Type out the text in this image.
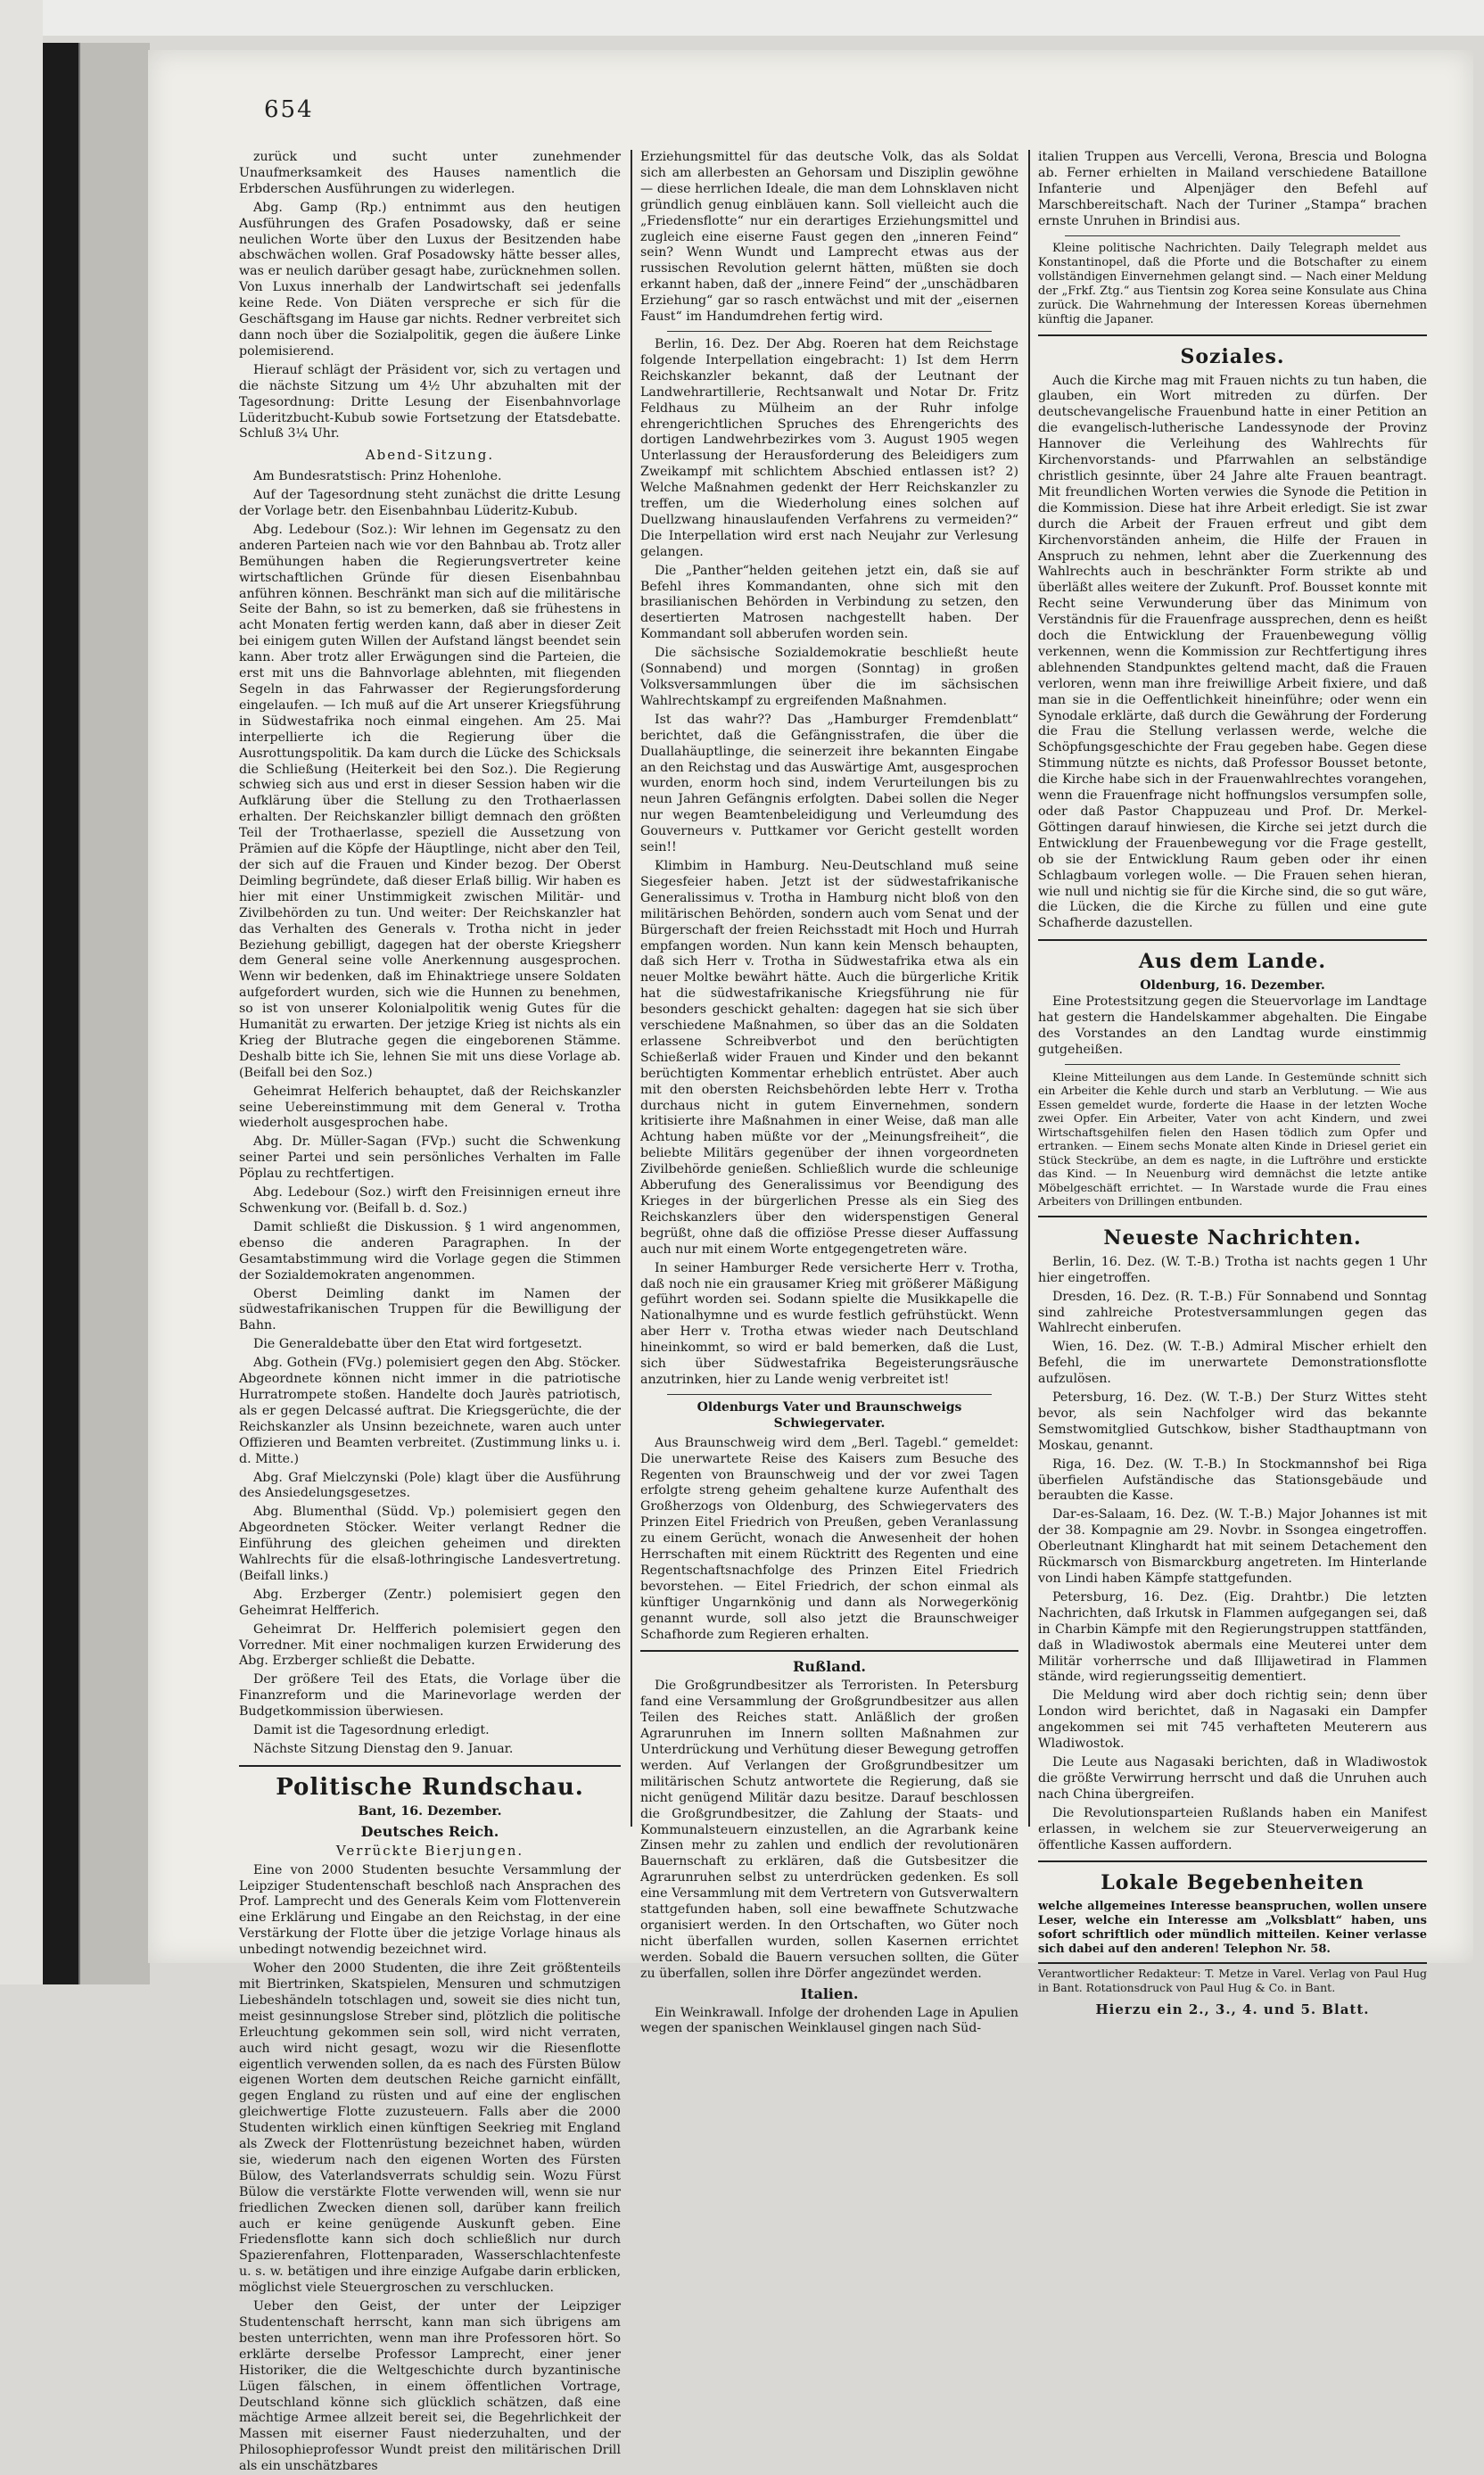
654

zurück und sucht unter zunehmender Unaufmerksamkeit des Hauses namentlich die Erbderschen Ausführungen zu widerlegen.

Abg. Gamp (Rp.) entnimmt aus den heutigen Ausführungen des Grafen Posadowsky, daß er seine neulichen Worte über den Luxus der Besitzenden habe abschwächen wollen. Graf Posadowsky hätte besser alles, was er neulich darüber gesagt habe, zurücknehmen sollen. Von Luxus innerhalb der Landwirtschaft sei jedenfalls keine Rede. Von Diäten verspreche er sich für die Geschäftsgang im Hause gar nichts. Redner verbreitet sich dann noch über die Sozialpolitik, gegen die äußere Linke polemisierend.

Hierauf schlägt der Präsident vor, sich zu vertagen und die nächste Sitzung um 4½ Uhr abzuhalten mit der Tagesordnung: Dritte Lesung der Eisenbahnvorlage Lüderitzbucht-Kubub sowie Fortsetzung der Etatsdebatte. Schluß 3¼ Uhr.

Abend-Sitzung.

Am Bundesratstisch: Prinz Hohenlohe.

Auf der Tagesordnung steht zunächst die dritte Lesung der Vorlage betr. den Eisenbahnbau Lüderitz-Kubub.

Abg. Ledebour (Soz.): Wir lehnen im Gegensatz zu den anderen Parteien nach wie vor den Bahnbau ab. Trotz aller Bemühungen haben die Regierungsvertreter keine wirtschaftlichen Gründe für diesen Eisenbahnbau anführen können. Beschränkt man sich auf die militärische Seite der Bahn, so ist zu bemerken, daß sie frühestens in acht Monaten fertig werden kann, daß aber in dieser Zeit bei einigem guten Willen der Aufstand längst beendet sein kann. Aber trotz aller Erwägungen sind die Parteien, die erst mit uns die Bahnvorlage ablehnten, mit fliegenden Segeln in das Fahrwasser der Regierungsforderung eingelaufen. — Ich muß auf die Art unserer Kriegsführung in Südwestafrika noch einmal eingehen. Am 25. Mai interpellierte ich die Regierung über die Ausrottungspolitik. Da kam durch die Lücke des Schicksals die Schließung (Heiterkeit bei den Soz.). Die Regierung schwieg sich aus und erst in dieser Session haben wir die Aufklärung über die Stellung zu den Trothaerlassen erhalten. Der Reichskanzler billigt demnach den größten Teil der Trothaerlasse, speziell die Aussetzung von Prämien auf die Köpfe der Häuptlinge, nicht aber den Teil, der sich auf die Frauen und Kinder bezog. Der Oberst Deimling begründete, daß dieser Erlaß billig. Wir haben es hier mit einer Unstimmigkeit zwischen Militär- und Zivilbehörden zu tun. Und weiter: Der Reichskanzler hat das Verhalten des Generals v. Trotha nicht in jeder Beziehung gebilligt, dagegen hat der oberste Kriegsherr dem General seine volle Anerkennung ausgesprochen. Wenn wir bedenken, daß im Ehinaktriege unsere Soldaten aufgefordert wurden, sich wie die Hunnen zu benehmen, so ist von unserer Kolonialpolitik wenig Gutes für die Humanität zu erwarten. Der jetzige Krieg ist nichts als ein Krieg der Blutrache gegen die eingeborenen Stämme. Deshalb bitte ich Sie, lehnen Sie mit uns diese Vorlage ab. (Beifall bei den Soz.)

Geheimrat Helferich behauptet, daß der Reichskanzler seine Uebereinstimmung mit dem General v. Trotha wiederholt ausgesprochen habe.

Abg. Dr. Müller-Sagan (FVp.) sucht die Schwenkung seiner Partei und sein persönliches Verhalten im Falle Pöplau zu rechtfertigen.

Abg. Ledebour (Soz.) wirft den Freisinnigen erneut ihre Schwenkung vor. (Beifall b. d. Soz.)

Damit schließt die Diskussion. § 1 wird angenommen, ebenso die anderen Paragraphen. In der Gesamtabstimmung wird die Vorlage gegen die Stimmen der Sozialdemokraten angenommen.

Oberst Deimling dankt im Namen der südwestafrikanischen Truppen für die Bewilligung der Bahn.

Die Generaldebatte über den Etat wird fortgesetzt.

Abg. Gothein (FVg.) polemisiert gegen den Abg. Stöcker. Abgeordnete können nicht immer in die patriotische Hurratrompete stoßen. Handelte doch Jaurès patriotisch, als er gegen Delcassé auftrat. Die Kriegsgerüchte, die der Reichskanzler als Unsinn bezeichnete, waren auch unter Offizieren und Beamten verbreitet. (Zustimmung links u. i. d. Mitte.)

Abg. Graf Mielczynski (Pole) klagt über die Ausführung des Ansiedelungsgesetzes.

Abg. Blumenthal (Südd. Vp.) polemisiert gegen den Abgeordneten Stöcker. Weiter verlangt Redner die Einführung des gleichen geheimen und direkten Wahlrechts für die elsaß-lothringische Landesvertretung. (Beifall links.)

Abg. Erzberger (Zentr.) polemisiert gegen den Geheimrat Helfferich.

Geheimrat Dr. Helfferich polemisiert gegen den Vorredner. Mit einer nochmaligen kurzen Erwiderung des Abg. Erzberger schließt die Debatte.

Der größere Teil des Etats, die Vorlage über die Finanzreform und die Marinevorlage werden der Budgetkommission überwiesen.

Damit ist die Tagesordnung erledigt.

Nächste Sitzung Dienstag den 9. Januar.

Politische Rundschau.
Bant, 16. Dezember.
Deutsches Reich.
Verrückte Bierjungen.

Eine von 2000 Studenten besuchte Versammlung der Leipziger Studentenschaft beschloß nach Ansprachen des Prof. Lamprecht und des Generals Keim vom Flottenverein eine Erklärung und Eingabe an den Reichstag, in der eine Verstärkung der Flotte über die jetzige Vorlage hinaus als unbedingt notwendig bezeichnet wird.

Woher den 2000 Studenten, die ihre Zeit größtenteils mit Biertrinken, Skatspielen, Mensuren und schmutzigen Liebeshändeln totschlagen und, soweit sie dies nicht tun, meist gesinnungslose Streber sind, plötzlich die politische Erleuchtung gekommen sein soll, wird nicht verraten, auch wird nicht gesagt, wozu wir die Riesenflotte eigentlich verwenden sollen, da es nach des Fürsten Bülow eigenen Worten dem deutschen Reiche garnicht einfällt, gegen England zu rüsten und auf eine der englischen gleichwertige Flotte zuzusteuern. Falls aber die 2000 Studenten wirklich einen künftigen Seekrieg mit England als Zweck der Flottenrüstung bezeichnet haben, würden sie, wiederum nach den eigenen Worten des Fürsten Bülow, des Vaterlandsverrats schuldig sein. Wozu Fürst Bülow die verstärkte Flotte verwenden will, wenn sie nur friedlichen Zwecken dienen soll, darüber kann freilich auch er keine genügende Auskunft geben. Eine Friedensflotte kann sich doch schließlich nur durch Spazierenfahren, Flottenparaden, Wasserschlachtenfeste u. s. w. betätigen und ihre einzige Aufgabe darin erblicken, möglichst viele Steuergroschen zu verschlucken.

Ueber den Geist, der unter der Leipziger Studentenschaft herrscht, kann man sich übrigens am besten unterrichten, wenn man ihre Professoren hört. So erklärte derselbe Professor Lamprecht, einer jener Historiker, die die Weltgeschichte durch byzantinische Lügen fälschen, in einem öffentlichen Vortrage, Deutschland könne sich glücklich schätzen, daß eine mächtige Armee allzeit bereit sei, die Begehrlichkeit der Massen mit eiserner Faust niederzuhalten, und der Philosophieprofessor Wundt preist den militärischen Drill als ein unschätzbares

Erziehungsmittel für das deutsche Volk, das als Soldat sich am allerbesten an Gehorsam und Disziplin gewöhne — diese herrlichen Ideale, die man dem Lohnsklaven nicht gründlich genug einbläuen kann. Soll vielleicht auch die „Friedensflotte“ nur ein derartiges Erziehungsmittel und zugleich eine eiserne Faust gegen den „inneren Feind“ sein? Wenn Wundt und Lamprecht etwas aus der russischen Revolution gelernt hätten, müßten sie doch erkannt haben, daß der „innere Feind“ der „unschädbaren Erziehung“ gar so rasch entwächst und mit der „eisernen Faust“ im Handumdrehen fertig wird.

Berlin, 16. Dez. Der Abg. Roeren hat dem Reichstage folgende Interpellation eingebracht: 1) Ist dem Herrn Reichskanzler bekannt, daß der Leutnant der Landwehrartillerie, Rechtsanwalt und Notar Dr. Fritz Feldhaus zu Mülheim an der Ruhr infolge ehrengerichtlichen Spruches des Ehrengerichts des dortigen Landwehrbezirkes vom 3. August 1905 wegen Unterlassung der Herausforderung des Beleidigers zum Zweikampf mit schlichtem Abschied entlassen ist? 2) Welche Maßnahmen gedenkt der Herr Reichskanzler zu treffen, um die Wiederholung eines solchen auf Duellzwang hinauslaufenden Verfahrens zu vermeiden?“ Die Interpellation wird erst nach Neujahr zur Verlesung gelangen.

Die „Panther“helden geitehen jetzt ein, daß sie auf Befehl ihres Kommandanten, ohne sich mit den brasilianischen Behörden in Verbindung zu setzen, den desertierten Matrosen nachgestellt haben. Der Kommandant soll abberufen worden sein.

Die sächsische Sozialdemokratie beschließt heute (Sonnabend) und morgen (Sonntag) in großen Volksversammlungen über die im sächsischen Wahlrechtskampf zu ergreifenden Maßnahmen.

Ist das wahr?? Das „Hamburger Fremdenblatt“ berichtet, daß die Gefängnisstrafen, die über die Duallahäuptlinge, die seinerzeit ihre bekannten Eingabe an den Reichstag und das Auswärtige Amt, ausgesprochen wurden, enorm hoch sind, indem Verurteilungen bis zu neun Jahren Gefängnis erfolgten. Dabei sollen die Neger nur wegen Beamtenbeleidigung und Verleumdung des Gouverneurs v. Puttkamer vor Gericht gestellt worden sein!!

Klimbim in Hamburg. Neu-Deutschland muß seine Siegesfeier haben. Jetzt ist der südwestafrikanische Generalissimus v. Trotha in Hamburg nicht bloß von den militärischen Behörden, sondern auch vom Senat und der Bürgerschaft der freien Reichsstadt mit Hoch und Hurrah empfangen worden. Nun kann kein Mensch behaupten, daß sich Herr v. Trotha in Südwestafrika etwa als ein neuer Moltke bewährt hätte. Auch die bürgerliche Kritik hat die südwestafrikanische Kriegsführung nie für besonders geschickt gehalten: dagegen hat sie sich über verschiedene Maßnahmen, so über das an die Soldaten erlassene Schreibverbot und den berüchtigten Schießerlaß wider Frauen und Kinder und den bekannt berüchtigten Kommentar erheblich entrüstet. Aber auch mit den obersten Reichsbehörden lebte Herr v. Trotha durchaus nicht in gutem Einvernehmen, sondern kritisierte ihre Maßnahmen in einer Weise, daß man alle Achtung haben müßte vor der „Meinungsfreiheit“, die beliebte Militärs gegenüber der ihnen vorgeordneten Zivilbehörde genießen. Schließlich wurde die schleunige Abberufung des Generalissimus vor Beendigung des Krieges in der bürgerlichen Presse als ein Sieg des Reichskanzlers über den widerspenstigen General begrüßt, ohne daß die offiziöse Presse dieser Auffassung auch nur mit einem Worte entgegengetreten wäre.

In seiner Hamburger Rede versicherte Herr v. Trotha, daß noch nie ein grausamer Krieg mit größerer Mäßigung geführt worden sei. Sodann spielte die Musikkapelle die Nationalhymne und es wurde festlich gefrühstückt. Wenn aber Herr v. Trotha etwas wieder nach Deutschland hineinkommt, so wird er bald bemerken, daß die Lust, sich über Südwestafrika Begeisterungsräusche anzutrinken, hier zu Lande wenig verbreitet ist!

Oldenburgs Vater und Braunschweigs Schwiegervater.

Aus Braunschweig wird dem „Berl. Tagebl.“ gemeldet: Die unerwartete Reise des Kaisers zum Besuche des Regenten von Braunschweig und der vor zwei Tagen erfolgte streng geheim gehaltene kurze Aufenthalt des Großherzogs von Oldenburg, des Schwiegervaters des Prinzen Eitel Friedrich von Preußen, geben Veranlassung zu einem Gerücht, wonach die Anwesenheit der hohen Herrschaften mit einem Rücktritt des Regenten und eine Regentschaftsnachfolge des Prinzen Eitel Friedrich bevorstehen. — Eitel Friedrich, der schon einmal als künftiger Ungarnkönig und dann als Norwegerkönig genannt wurde, soll also jetzt die Braunschweiger Schafhorde zum Regieren erhalten.

Rußland.

Die Großgrundbesitzer als Terroristen. In Petersburg fand eine Versammlung der Großgrundbesitzer aus allen Teilen des Reiches statt. Anläßlich der großen Agrarunruhen im Innern sollten Maßnahmen zur Unterdrückung und Verhütung dieser Bewegung getroffen werden. Auf Verlangen der Großgrundbesitzer um militärischen Schutz antwortete die Regierung, daß sie nicht genügend Militär dazu besitze. Darauf beschlossen die Großgrundbesitzer, die Zahlung der Staats- und Kommunalsteuern einzustellen, an die Agrarbank keine Zinsen mehr zu zahlen und endlich der revolutionären Bauernschaft zu erklären, daß die Gutsbesitzer die Agrarunruhen selbst zu unterdrücken gedenken. Es soll eine Versammlung mit dem Vertretern von Gutsverwaltern stattgefunden haben, soll eine bewaffnete Schutzwache organisiert werden. In den Ortschaften, wo Güter noch nicht überfallen wurden, sollen Kasernen errichtet werden. Sobald die Bauern versuchen sollten, die Güter zu überfallen, sollen ihre Dörfer angezündet werden.

Italien.

Ein Weinkrawall. Infolge der drohenden Lage in Apulien wegen der spanischen Weinklausel gingen nach Süd-

italien Truppen aus Vercelli, Verona, Brescia und Bologna ab. Ferner erhielten in Mailand verschiedene Bataillone Infanterie und Alpenjäger den Befehl auf Marschbereitschaft. Nach der Turiner „Stampa“ brachen ernste Unruhen in Brindisi aus.

Kleine politische Nachrichten. Daily Telegraph meldet aus Konstantinopel, daß die Pforte und die Botschafter zu einem vollständigen Einvernehmen gelangt sind. — Nach einer Meldung der „Frkf. Ztg.“ aus Tientsin zog Korea seine Konsulate aus China zurück. Die Wahrnehmung der Interessen Koreas übernehmen künftig die Japaner.

Soziales.

Auch die Kirche mag mit Frauen nichts zu tun haben, die glauben, ein Wort mitreden zu dürfen. Der deutschevangelische Frauenbund hatte in einer Petition an die evangelisch-lutherische Landessynode der Provinz Hannover die Verleihung des Wahlrechts für Kirchenvorstands- und Pfarrwahlen an selbständige christlich gesinnte, über 24 Jahre alte Frauen beantragt. Mit freundlichen Worten verwies die Synode die Petition in die Kommission. Diese hat ihre Arbeit erledigt. Sie ist zwar durch die Arbeit der Frauen erfreut und gibt dem Kirchenvorständen anheim, die Hilfe der Frauen in Anspruch zu nehmen, lehnt aber die Zuerkennung des Wahlrechts auch in beschränkter Form strikte ab und überläßt alles weitere der Zukunft. Prof. Bousset konnte mit Recht seine Verwunderung über das Minimum von Verständnis für die Frauenfrage aussprechen, denn es heißt doch die Entwicklung der Frauenbewegung völlig verkennen, wenn die Kommission zur Rechtfertigung ihres ablehnenden Standpunktes geltend macht, daß die Frauen verloren, wenn man ihre freiwillige Arbeit fixiere, und daß man sie in die Oeffentlichkeit hineinführe; oder wenn ein Synodale erklärte, daß durch die Gewährung der Forderung die Frau die Stellung verlassen werde, welche die Schöpfungsgeschichte der Frau gegeben habe. Gegen diese Stimmung nützte es nichts, daß Professor Bousset betonte, die Kirche habe sich in der Frauenwahlrechtes vorangehen, wenn die Frauenfrage nicht hoffnungslos versumpfen solle, oder daß Pastor Chappuzeau und Prof. Dr. Merkel-Göttingen darauf hinwiesen, die Kirche sei jetzt durch die Entwicklung der Frauenbewegung vor die Frage gestellt, ob sie der Entwicklung Raum geben oder ihr einen Schlagbaum vorlegen wolle. — Die Frauen sehen hieran, wie null und nichtig sie für die Kirche sind, die so gut wäre, die Lücken, die die Kirche zu füllen und eine gute Schafherde dazustellen.

Aus dem Lande.
Oldenburg, 16. Dezember.

Eine Protestsitzung gegen die Steuervorlage im Landtage hat gestern die Handelskammer abgehalten. Die Eingabe des Vorstandes an den Landtag wurde einstimmig gutgeheißen.

Kleine Mitteilungen aus dem Lande. In Gestemünde schnitt sich ein Arbeiter die Kehle durch und starb an Verblutung. — Wie aus Essen gemeldet wurde, forderte die Haase in der letzten Woche zwei Opfer. Ein Arbeiter, Vater von acht Kindern, und zwei Wirtschaftsgehilfen fielen den Hasen tödlich zum Opfer und ertranken. — Einem sechs Monate alten Kinde in Driesel geriet ein Stück Steckrübe, an dem es nagte, in die Luftröhre und erstickte das Kind. — In Neuenburg wird demnächst die letzte antike Möbelgeschäft errichtet. — In Warstade wurde die Frau eines Arbeiters von Drillingen entbunden.

Neueste Nachrichten.

Berlin, 16. Dez. (W. T.-B.) Trotha ist nachts gegen 1 Uhr hier eingetroffen.

Dresden, 16. Dez. (R. T.-B.) Für Sonnabend und Sonntag sind zahlreiche Protestversammlungen gegen das Wahlrecht einberufen.

Wien, 16. Dez. (W. T.-B.) Admiral Mischer erhielt den Befehl, die im unerwartete Demonstrationsflotte aufzulösen.

Petersburg, 16. Dez. (W. T.-B.) Der Sturz Wittes steht bevor, als sein Nachfolger wird das bekannte Semstwomitglied Gutschkow, bisher Stadthauptmann von Moskau, genannt.

Riga, 16. Dez. (W. T.-B.) In Stockmannshof bei Riga überfielen Aufständische das Stationsgebäude und beraubten die Kasse.

Dar-es-Salaam, 16. Dez. (W. T.-B.) Major Johannes ist mit der 38. Kompagnie am 29. Novbr. in Ssongea eingetroffen. Oberleutnant Klinghardt hat mit seinem Detachement den Rückmarsch von Bismarckburg angetreten. Im Hinterlande von Lindi haben Kämpfe stattgefunden.

Petersburg, 16. Dez. (Eig. Drahtbr.) Die letzten Nachrichten, daß Irkutsk in Flammen aufgegangen sei, daß in Charbin Kämpfe mit den Regierungstruppen stattfänden, daß in Wladiwostok abermals eine Meuterei unter dem Militär vorherrsche und daß Illijawetirad in Flammen stände, wird regierungsseitig dementiert.

Die Meldung wird aber doch richtig sein; denn über London wird berichtet, daß in Nagasaki ein Dampfer angekommen sei mit 745 verhafteten Meuterern aus Wladiwostok.

Die Leute aus Nagasaki berichten, daß in Wladiwostok die größte Verwirrung herrscht und daß die Unruhen auch nach China übergreifen.

Die Revolutionsparteien Rußlands haben ein Manifest erlassen, in welchem sie zur Steuerverweigerung an öffentliche Kassen auffordern.

Lokale Begebenheiten

welche allgemeines Interesse beanspruchen, wollen unsere Leser, welche ein Interesse am „Volksblatt“ haben, uns sofort schriftlich oder mündlich mitteilen. Keiner verlasse sich dabei auf den anderen! Telephon Nr. 58.

Verantwortlicher Redakteur: T. Metze in Varel. Verlag von Paul Hug in Bant. Rotationsdruck von Paul Hug & Co. in Bant.
Hierzu ein 2., 3., 4. und 5. Blatt.
